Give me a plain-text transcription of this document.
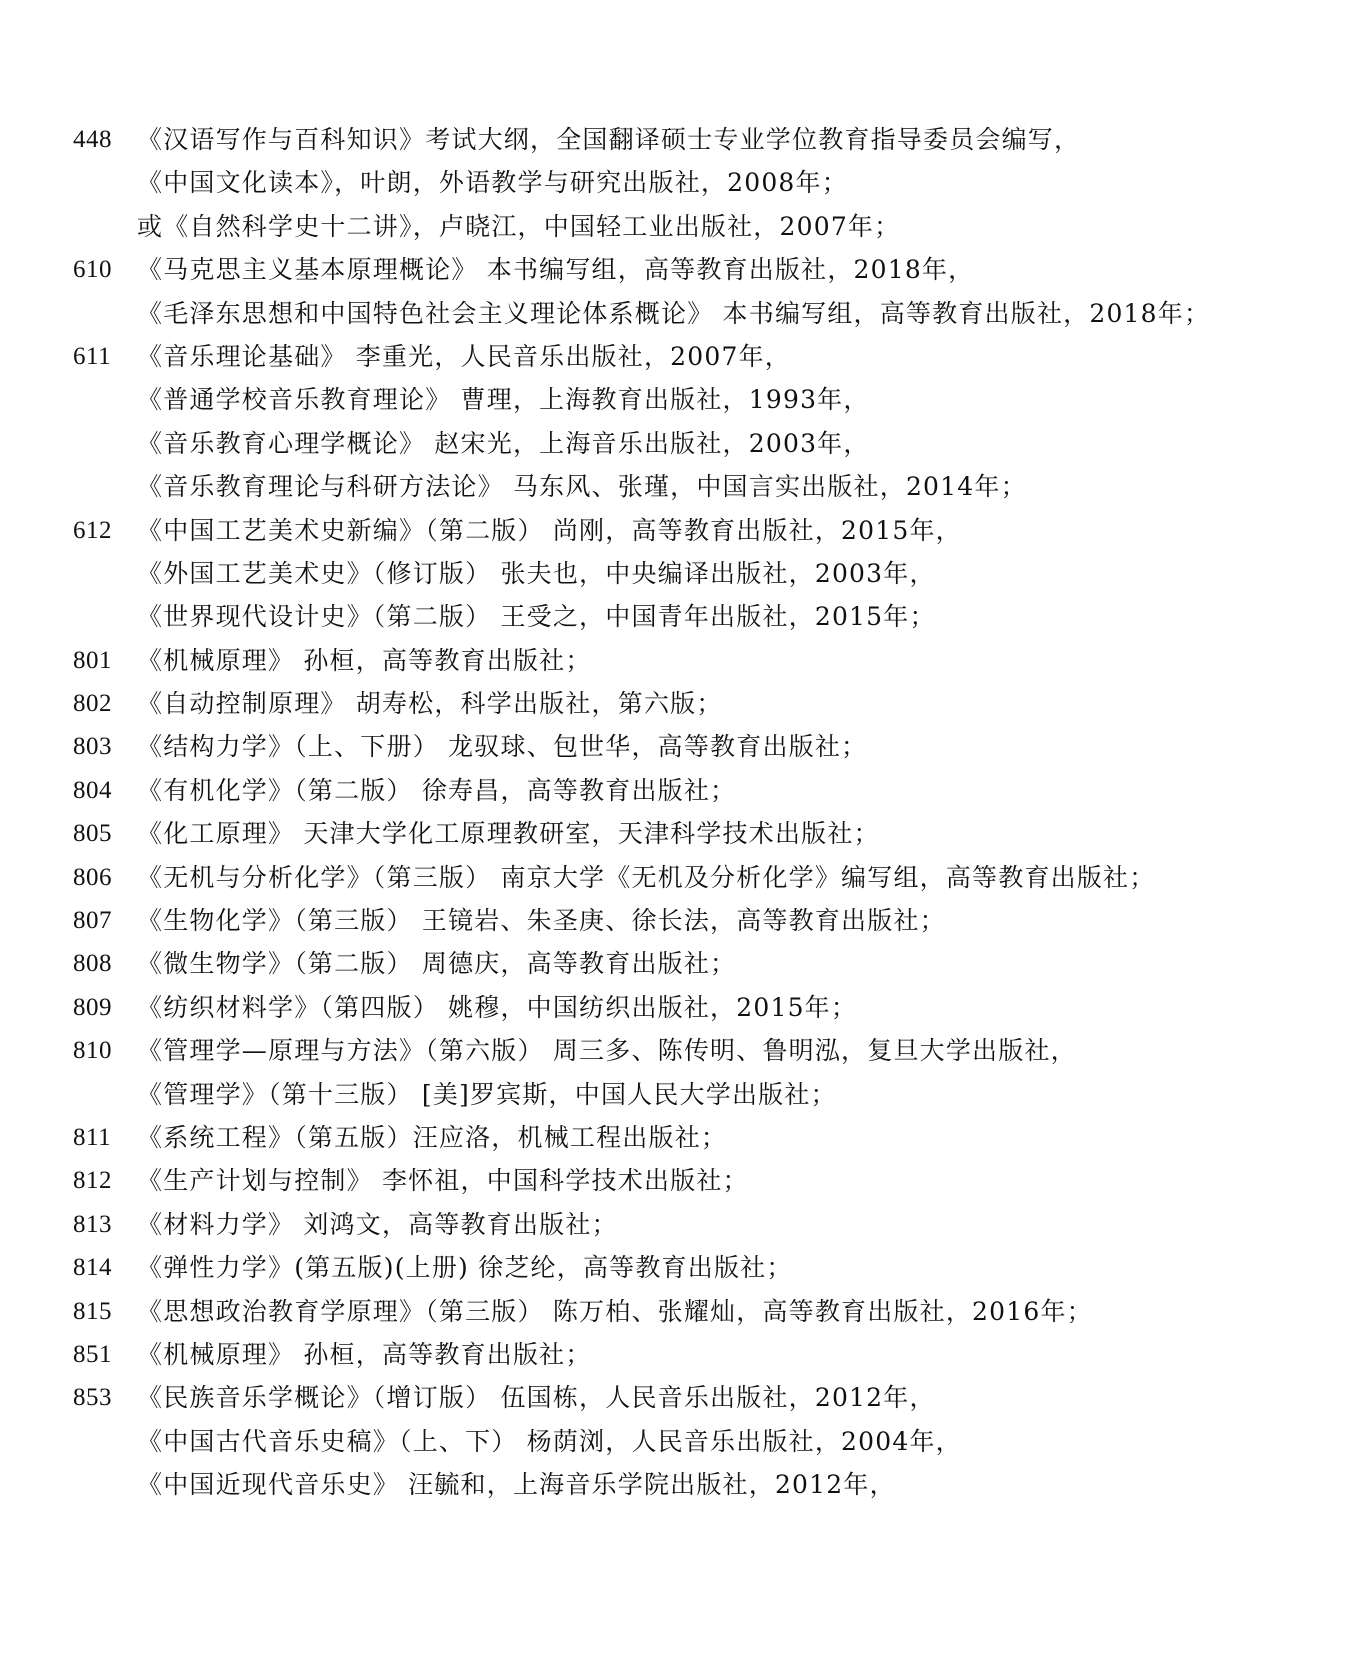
448 《汉语写作与百科知识》考试大纲，全国翻译硕士专业学位教育指导委员会编写，
《中国文化读本》，叶朗，外语教学与研究出版社，2008年；
或《自然科学史十二讲》，卢晓江，中国轻工业出版社，2007年；
610 《马克思主义基本原理概论》 本书编写组，高等教育出版社，2018年，
《毛泽东思想和中国特色社会主义理论体系概论》 本书编写组，高等教育出版社，2018年；
611 《音乐理论基础》 李重光，人民音乐出版社，2007年，
《普通学校音乐教育理论》 曹理，上海教育出版社，1993年，
《音乐教育心理学概论》 赵宋光，上海音乐出版社，2003年，
《音乐教育理论与科研方法论》 马东风、张瑾，中国言实出版社，2014年；
612 《中国工艺美术史新编》（第二版） 尚刚，高等教育出版社，2015年，
《外国工艺美术史》（修订版） 张夫也，中央编译出版社，2003年，
《世界现代设计史》（第二版） 王受之，中国青年出版社，2015年；
801 《机械原理》 孙桓，高等教育出版社；
802 《自动控制原理》 胡寿松，科学出版社，第六版；
803 《结构力学》（上、下册） 龙驭球、包世华，高等教育出版社；
804 《有机化学》（第二版） 徐寿昌，高等教育出版社；
805 《化工原理》 天津大学化工原理教研室，天津科学技术出版社；
806 《无机与分析化学》（第三版） 南京大学《无机及分析化学》编写组，高等教育出版社；
807 《生物化学》（第三版） 王镜岩、朱圣庚、徐长法，高等教育出版社；
808 《微生物学》（第二版） 周德庆，高等教育出版社；
809 《纺织材料学》（第四版） 姚穆，中国纺织出版社，2015年；
810 《管理学—原理与方法》（第六版） 周三多、陈传明、鲁明泓，复旦大学出版社，
《管理学》（第十三版） [美]罗宾斯，中国人民大学出版社；
811 《系统工程》（第五版）汪应洛，机械工程出版社；
812 《生产计划与控制》 李怀祖，中国科学技术出版社；
813 《材料力学》 刘鸿文，高等教育出版社；
814 《弹性力学》(第五版)(上册) 徐芝纶，高等教育出版社；
815 《思想政治教育学原理》（第三版） 陈万柏、张耀灿，高等教育出版社，2016年；
851 《机械原理》 孙桓，高等教育出版社；
853 《民族音乐学概论》（增订版） 伍国栋，人民音乐出版社，2012年，
《中国古代音乐史稿》（上、下） 杨荫浏，人民音乐出版社，2004年，
《中国近现代音乐史》 汪毓和，上海音乐学院出版社，2012年，
